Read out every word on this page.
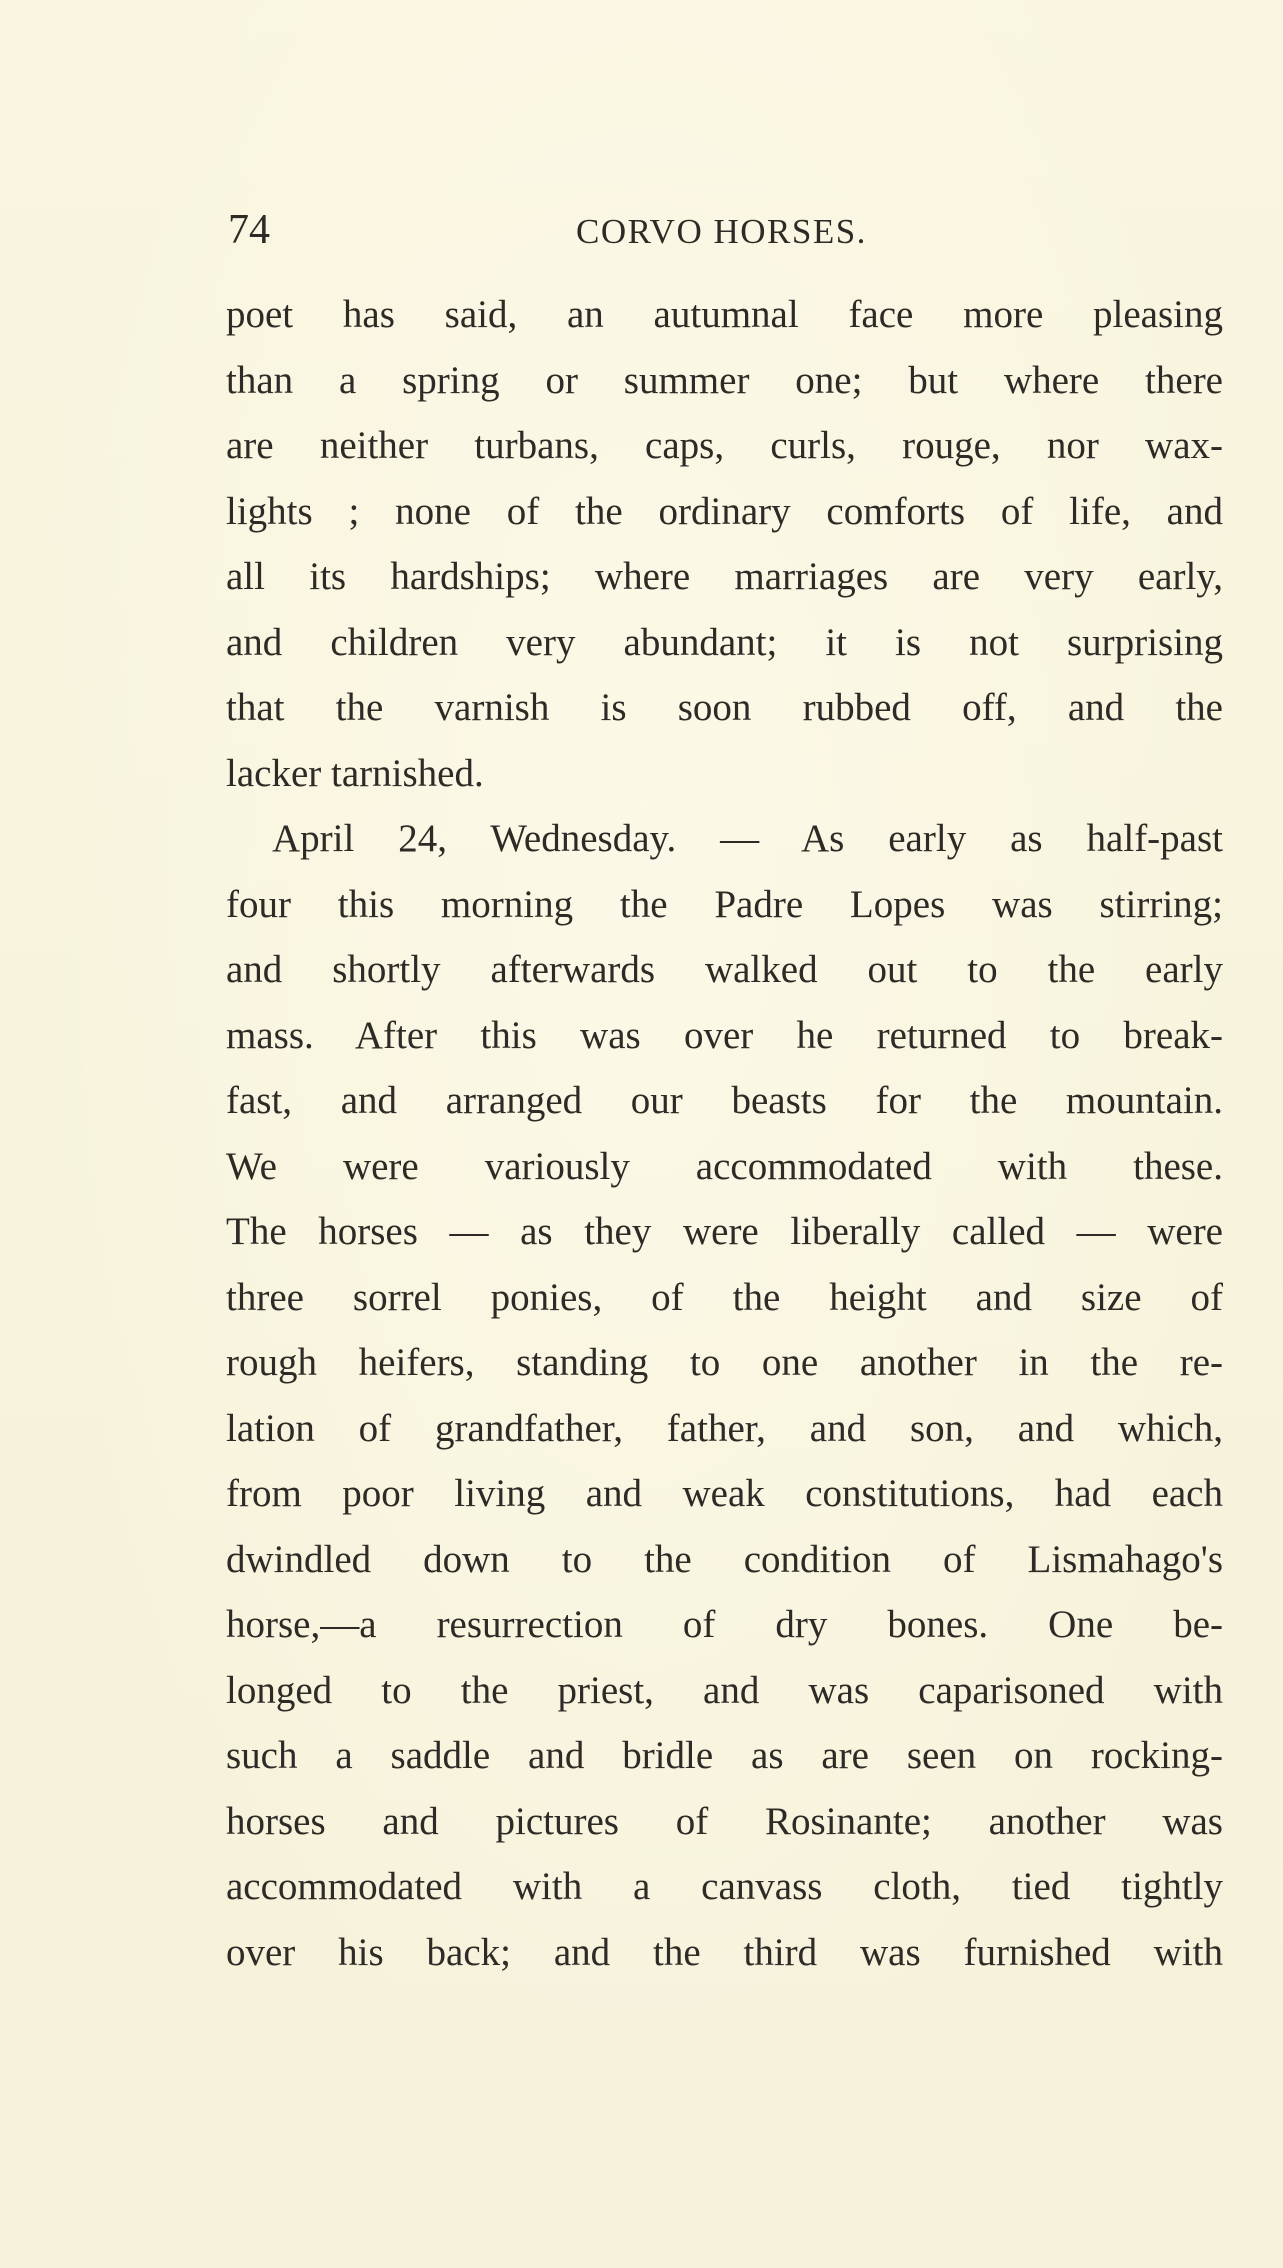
74	CORVO HORSES.
poet has said, an autumnal face more pleasing
than a spring or summer one; but where there
are neither turbans, caps, curls, rouge, nor wax-
lights ; none of the ordinary comforts of life, and
all its hardships; where marriages are very early,
and children very abundant; it is not surprising
that the varnish is soon rubbed off, and the
lacker tarnished.
April 24, Wednesday. — As early as half-past
four this morning the Padre Lopes was stirring;
and shortly afterwards walked out to the early
mass. After this was over he returned to break-
fast, and arranged our beasts for the mountain.
We were variously accommodated with these.
The horses — as they were liberally called — were
three sorrel ponies, of the height and size of
rough heifers, standing to one another in the re-
lation of grandfather, father, and son, and which,
from poor living and weak constitutions, had each
dwindled down to the condition of Lismahago's
horse,—a resurrection of dry bones. One be-
longed to the priest, and was caparisoned with
such a saddle and bridle as are seen on rocking-
horses and pictures of Rosinante; another was
accommodated with a canvass cloth, tied tightly
over his back; and the third was furnished with
